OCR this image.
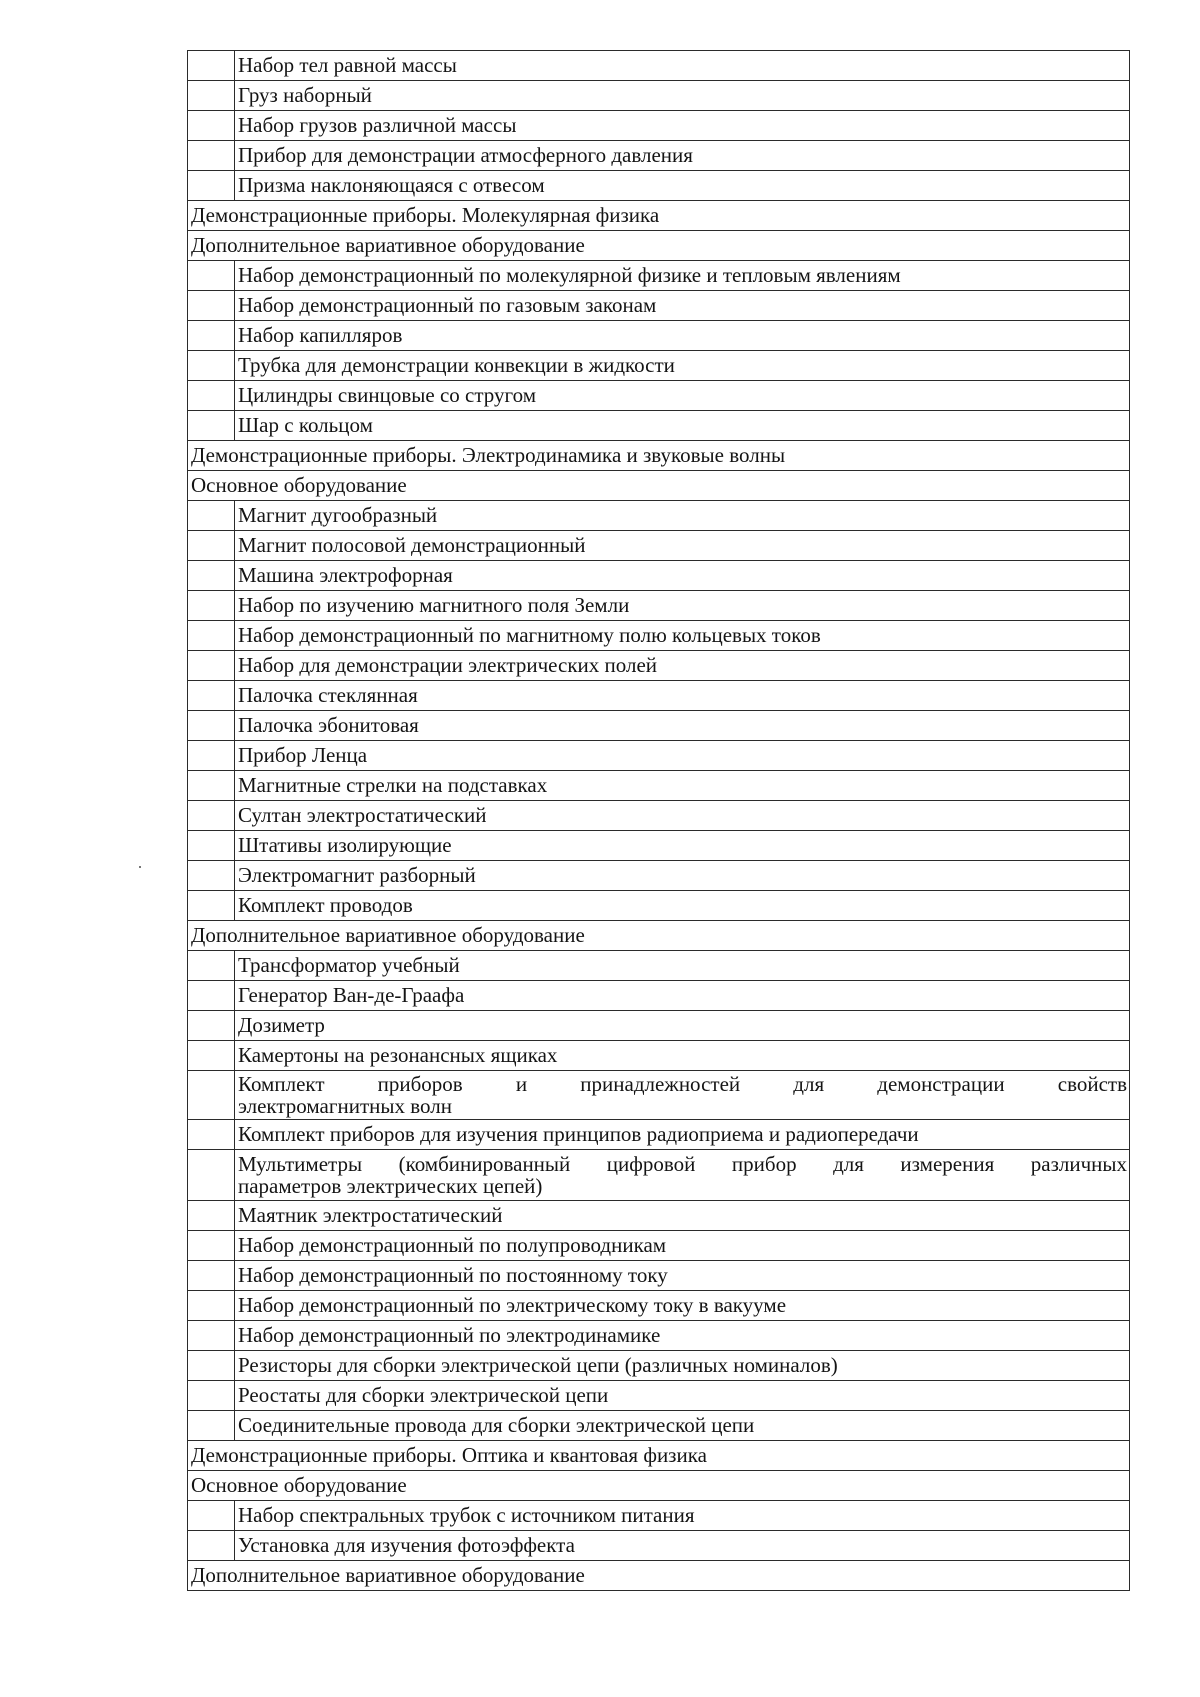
	Набор тел равной массы
	Груз наборный
	Набор грузов различной массы
	Прибор для демонстрации атмосферного давления
	Призма наклоняющаяся с отвесом
Демонстрационные приборы. Молекулярная физика	
Дополнительное вариативное оборудование	
	Набор демонстрационный по молекулярной физике и тепловым явлениям
	Набор демонстрационный по газовым законам
	Набор капилляров
	Трубка для демонстрации конвекции в жидкости
	Цилиндры свинцовые со стругом
	Шар с кольцом
Демонстрационные приборы. Электродинамика и звуковые волны	
Основное оборудование	
	Магнит дугообразный
	Магнит полосовой демонстрационный
	Машина электрофорная
	Набор по изучению магнитного поля Земли
	Набор демонстрационный по магнитному полю кольцевых токов
	Набор для демонстрации электрических полей
	Палочка стеклянная
	Палочка эбонитовая
	Прибор Ленца
	Магнитные стрелки на подставках
	Султан электростатический
	Штативы изолирующие
	Электромагнит разборный
	Комплект проводов
Дополнительное вариативное оборудование	
	Трансформатор учебный
	Генератор Ван-де-Граафа
	Дозиметр
	Камертоны на резонансных ящиках
	Комплект приборов и принадлежностей для демонстрации свойств
электромагнитных волн

	Комплект приборов для изучения принципов радиоприема и радиопередачи
	Мультиметры (комбинированный цифровой прибор для измерения различных
параметров электрических цепей)

	Маятник электростатический
	Набор демонстрационный по полупроводникам
	Набор демонстрационный по постоянному току
	Набор демонстрационный по электрическому току в вакууме
	Набор демонстрационный по электродинамике
	Резисторы для сборки электрической цепи (различных номиналов)
	Реостаты для сборки электрической цепи
	Соединительные провода для сборки электрической цепи
Демонстрационные приборы. Оптика и квантовая физика	
Основное оборудование	
	Набор спектральных трубок с источником питания
	Установка для изучения фотоэффекта
Дополнительное вариативное оборудование	
